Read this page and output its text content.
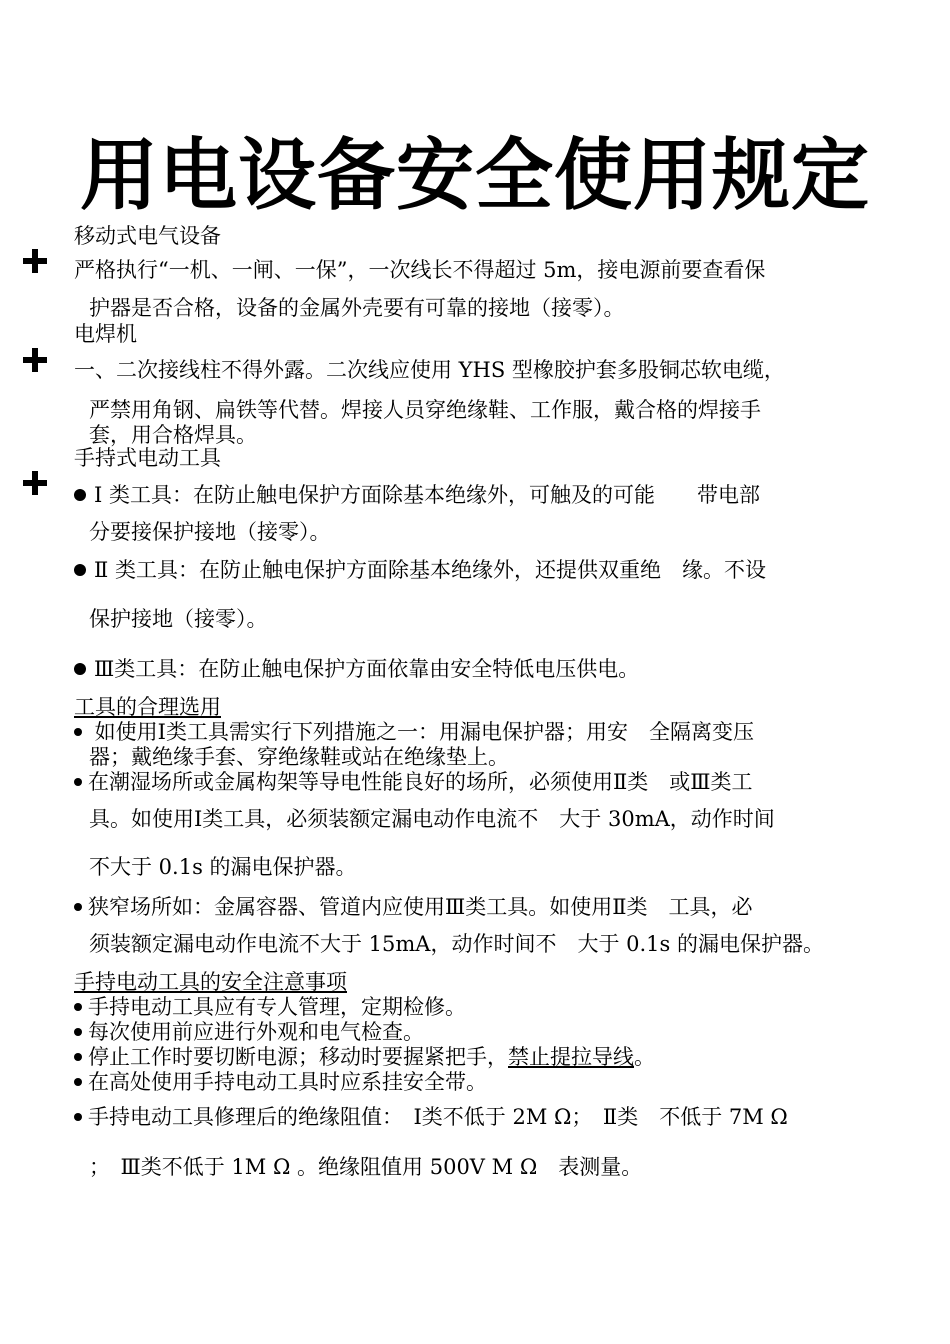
用电设备安全使用规定
移动式电气设备
严格执行“一机、一闸、一保”，一次线长不得超过 5m，接电源前要查看保
护器是否合格，设备的金属外壳要有可靠的接地（接零）。
电焊机
一、二次接线柱不得外露。二次线应使用 YHS 型橡胶护套多股铜芯软电缆，
严禁用角钢、扁铁等代替。焊接人员穿绝缘鞋、工作服，戴合格的焊接手
套，用合格焊具。
手持式电动工具
Ⅰ 类工具：在防止触电保护方面除基本绝缘外，可触及的可能　　带电部
分要接保护接地（接零）。
Ⅱ 类工具：在防止触电保护方面除基本绝缘外，还提供双重绝　缘。不设
保护接地（接零）。
Ⅲ类工具：在防止触电保护方面依靠由安全特低电压供电。
工具的合理选用
如使用Ⅰ类工具需实行下列措施之一：用漏电保护器；用安　全隔离变压
器；戴绝缘手套、穿绝缘鞋或站在绝缘垫上。
在潮湿场所或金属构架等导电性能良好的场所，必须使用Ⅱ类　或Ⅲ类工
具。如使用Ⅰ类工具，必须装额定漏电动作电流不　大于 30mA，动作时间
不大于 0.1s 的漏电保护器。
狭窄场所如：金属容器、管道内应使用Ⅲ类工具。如使用Ⅱ类　工具，必
须装额定漏电动作电流不大于 15mA，动作时间不　大于 0.1s 的漏电保护器。
手持电动工具的安全注意事项
手持电动工具应有专人管理，定期检修。
每次使用前应进行外观和电气检查。
停止工作时要切断电源；移动时要握紧把手，禁止提拉导线。
在高处使用手持电动工具时应系挂安全带。
手持电动工具修理后的绝缘阻值：　Ⅰ类不低于 2M Ω；　Ⅱ类　不低于 7M Ω
；　Ⅲ类不低于 1M Ω 。绝缘阻值用 500V M Ω　表测量。
